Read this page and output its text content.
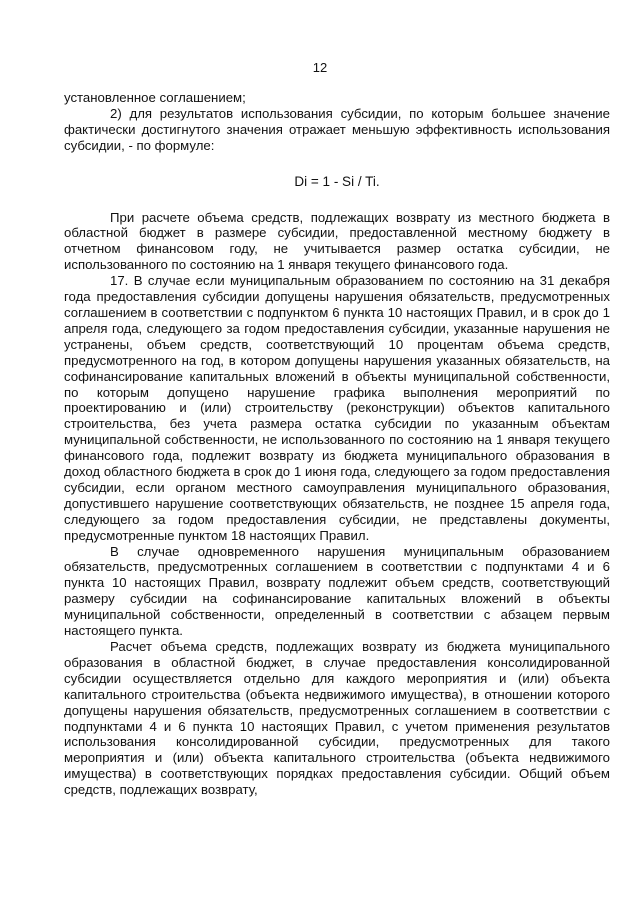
12

установленное соглашением;

2) для результатов использования субсидии, по которым большее значение фактически достигнутого значения отражает меньшую эффективность использования субсидии, - по формуле:

Di = 1 - Si / Ti.

При расчете объема средств, подлежащих возврату из местного бюджета в областной бюджет в размере субсидии, предоставленной местному бюджету в отчетном финансовом году, не учитывается размер остатка субсидии, не использованного по состоянию на 1 января текущего финансового года.

17. В случае если муниципальным образованием по состоянию на 31 декабря года предоставления субсидии допущены нарушения обязательств, предусмотренных соглашением в соответствии с подпунктом 6 пункта 10 настоящих Правил, и в срок до 1 апреля года, следующего за годом предоставления субсидии, указанные нарушения не устранены, объем средств, соответствующий 10 процентам объема средств, предусмотренного на год, в котором допущены нарушения указанных обязательств, на софинансирование капитальных вложений в объекты муниципальной собственности, по которым допущено нарушение графика выполнения мероприятий по проектированию и (или) строительству (реконструкции) объектов капитального строительства, без учета размера остатка субсидии по указанным объектам муниципальной собственности, не использованного по состоянию на 1 января текущего финансового года, подлежит возврату из бюджета муниципального образования в доход областного бюджета в срок до 1 июня года, следующего за годом предоставления субсидии, если органом местного самоуправления муниципального образования, допустившего нарушение соответствующих обязательств, не позднее 15 апреля года, следующего за годом предоставления субсидии, не представлены документы, предусмотренные пунктом 18 настоящих Правил.

В случае одновременного нарушения муниципальным образованием обязательств, предусмотренных соглашением в соответствии с подпунктами 4 и 6 пункта 10 настоящих Правил, возврату подлежит объем средств, соответствующий размеру субсидии на софинансирование капитальных вложений в объекты муниципальной собственности, определенный в соответствии с абзацем первым настоящего пункта.

Расчет объема средств, подлежащих возврату из бюджета муниципального образования в областной бюджет, в случае предоставления консолидированной субсидии осуществляется отдельно для каждого мероприятия и (или) объекта капитального строительства (объекта недвижимого имущества), в отношении которого допущены нарушения обязательств, предусмотренных соглашением в соответствии с подпунктами 4 и 6 пункта 10 настоящих Правил, с учетом применения результатов использования консолидированной субсидии, предусмотренных для такого мероприятия и (или) объекта капитального строительства (объекта недвижимого имущества) в соответствующих порядках предоставления субсидии. Общий объем средств, подлежащих возврату,
